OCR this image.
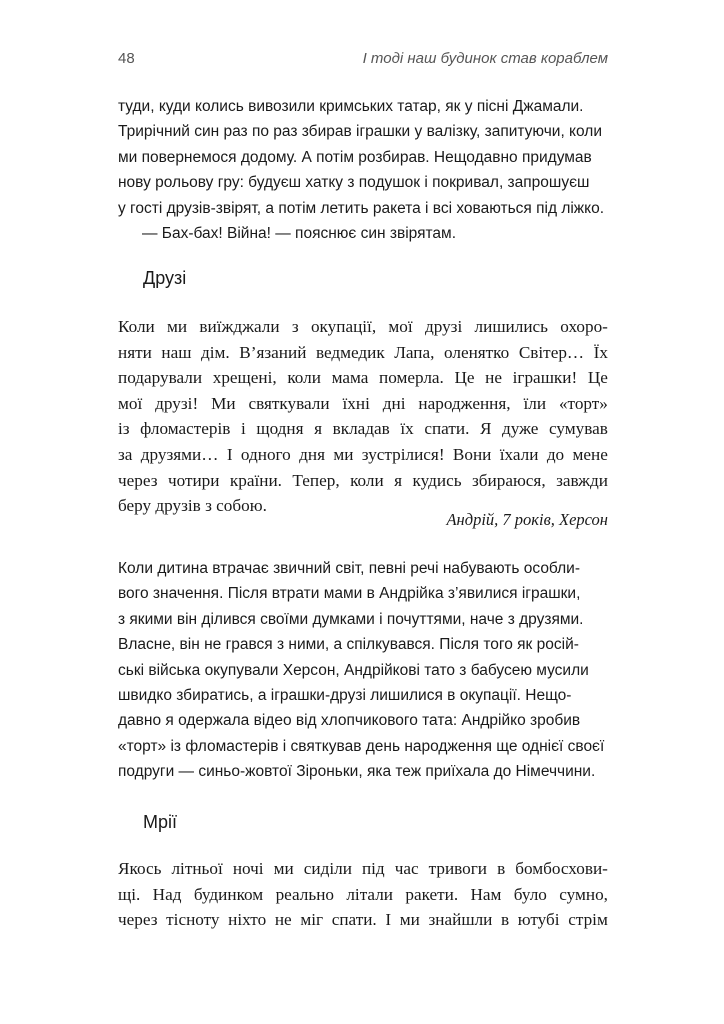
48	І тоді наш будинок став кораблем
туди, куди колись вивозили кримських татар, як у пісні Джамали.
Трирічний син раз по раз збирав іграшки у валізку, запитуючи, коли
ми повернемося додому. А потім розбирав. Нещодавно придумав
нову рольову гру: будуєш хатку з подушок і покривал, запрошуєш
у гості друзів-звірят, а потім летить ракета і всі ховаються під ліжко.
— Бах-бах! Війна! — пояснює син звірятам.
Друзі
Коли ми виїжджали з окупації, мої друзі лишились охоро-
няти наш дім. В’язаний ведмедик Лапа, оленятко Світер… Їх
подарували хрещені, коли мама померла. Це не іграшки! Це
мої друзі! Ми святкували їхні дні народження, їли «торт»
із фломастерів і щодня я вкладав їх спати. Я дуже сумував
за друзями… І одного дня ми зустрілися! Вони їхали до мене
через чотири країни. Тепер, коли я кудись збираюся, завжди
беру друзів з собою.
Андрій, 7 років, Херсон
Коли дитина втрачає звичний світ, певні речі набувають особли-
вого значення. Після втрати мами в Андрійка з’явилися іграшки,
з якими він ділився своїми думками і почуттями, наче з друзями.
Власне, він не грався з ними, а спілкувався. Після того як росій-
ські війська окупували Херсон, Андрійкові тато з бабусею мусили
швидко збиратись, а іграшки-друзі лишилися в окупації. Нещо-
давно я одержала відео від хлопчикового тата: Андрійко зробив
«торт» із фломастерів і святкував день народження ще однієї своєї
подруги — синьо-жовтої Зіроньки, яка теж приїхала до Німеччини.
Мрії
Якось літньої ночі ми сиділи під час тривоги в бомбосхови-
щі. Над будинком реально літали ракети. Нам було сумно,
через тісноту ніхто не міг спати. І ми знайшли в ютубі стрім
